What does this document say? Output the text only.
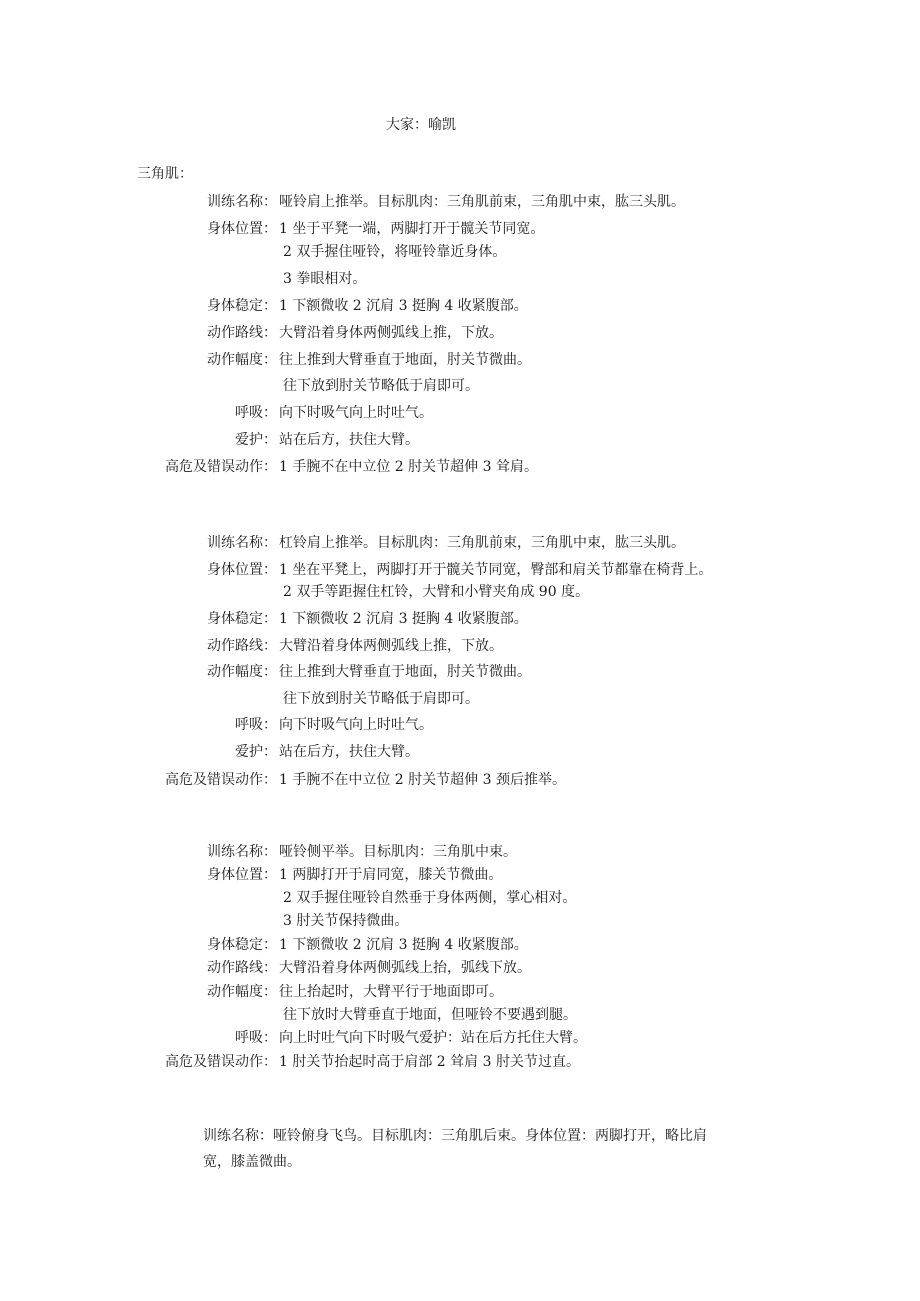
大家：喻凯
三角肌：
训练名称： 哑铃肩上推举。目标肌肉：三角肌前束，三角肌中束，肱三头肌。
身体位置： 1 坐于平凳一端，两脚打开于髋关节同宽。
2 双手握住哑铃，将哑铃靠近身体。
3 拳眼相对。
身体稳定： 1 下额微收 2 沉肩 3 挺胸 4 收紧腹部。
动作路线： 大臂沿着身体两侧弧线上推，下放。
动作幅度： 往上推到大臂垂直于地面，肘关节微曲。
往下放到肘关节略低于肩即可。
呼吸： 向下时吸气向上时吐气。
爱护： 站在后方，扶住大臂。
高危及错误动作： 1 手腕不在中立位 2 肘关节超伸 3 耸肩。
训练名称： 杠铃肩上推举。目标肌肉：三角肌前束，三角肌中束，肱三头肌。
身体位置： 1 坐在平凳上，两脚打开于髋关节同宽，臀部和肩关节都靠在椅背上。
2 双手等距握住杠铃，大臂和小臂夹角成 90 度。
身体稳定： 1 下额微收 2 沉肩 3 挺胸 4 收紧腹部。
动作路线： 大臂沿着身体两侧弧线上推，下放。
动作幅度： 往上推到大臂垂直于地面，肘关节微曲。
往下放到肘关节略低于肩即可。
呼吸： 向下时吸气向上时吐气。
爱护： 站在后方，扶住大臂。
高危及错误动作： 1 手腕不在中立位 2 肘关节超伸 3 颈后推举。
训练名称： 哑铃侧平举。目标肌肉：三角肌中束。
身体位置： 1 两脚打开于肩同宽，膝关节微曲。
2 双手握住哑铃自然垂于身体两侧，掌心相对。
3 肘关节保持微曲。
身体稳定： 1 下额微收 2 沉肩 3 挺胸 4 收紧腹部。
动作路线： 大臂沿着身体两侧弧线上抬，弧线下放。
动作幅度： 往上抬起时，大臂平行于地面即可。
往下放时大臂垂直于地面，但哑铃不要遇到腿。
呼吸： 向上时吐气向下时吸气爱护：站在后方托住大臂。
高危及错误动作： 1 肘关节抬起时高于肩部 2 耸肩 3 肘关节过直。
训练名称：哑铃俯身飞鸟。目标肌肉：三角肌后束。身体位置：两脚打开，略比肩
宽，膝盖微曲。
